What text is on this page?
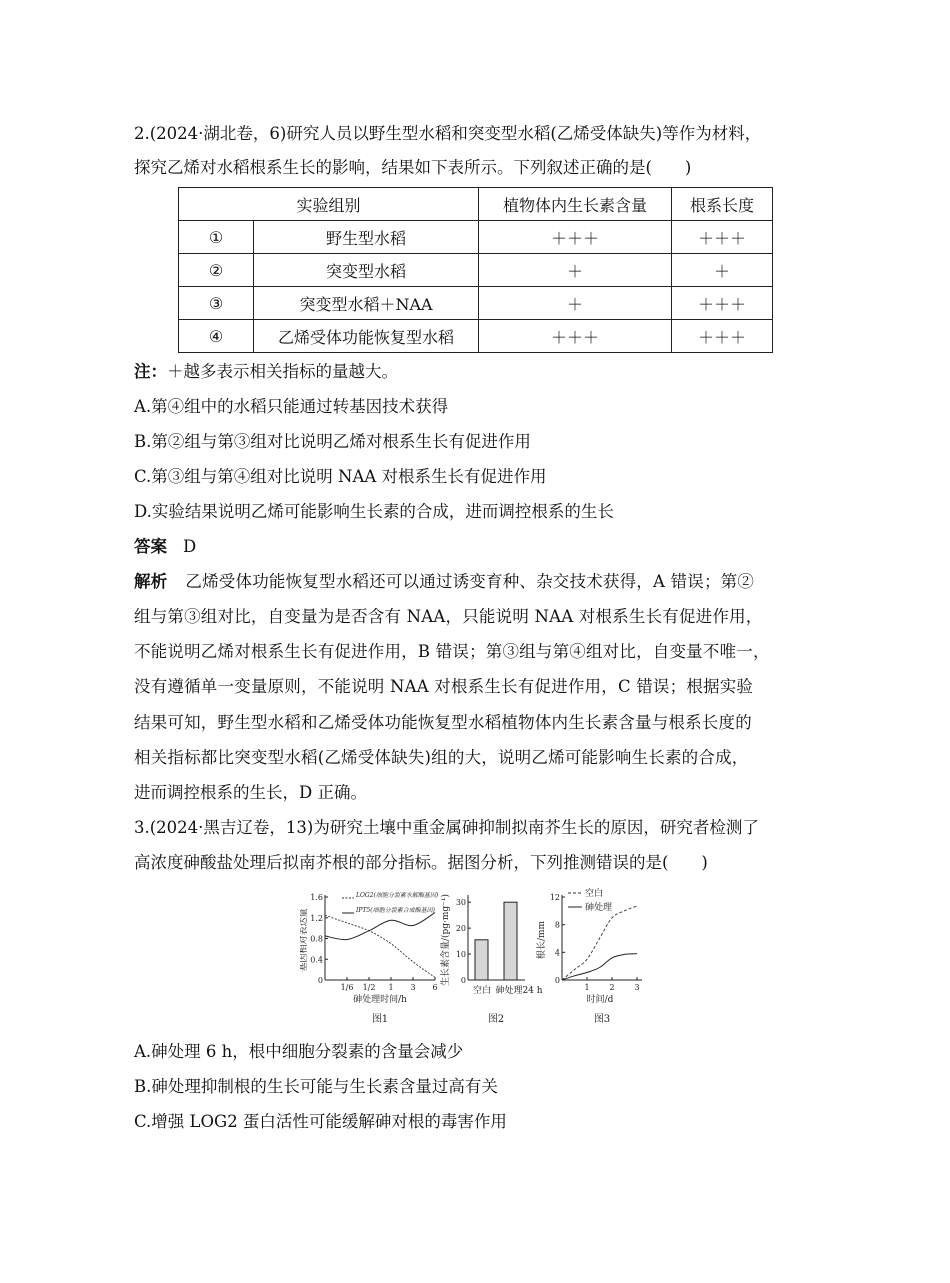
2.(2024·湖北卷，6)研究人员以野生型水稻和突变型水稻(乙烯受体缺失)等作为材料，
探究乙烯对水稻根系生长的影响，结果如下表所示。下列叙述正确的是(　　)
实验组别		植物体内生长素含量	根系长度
①	野生型水稻	＋＋＋	＋＋＋
②	突变型水稻	＋	＋
③	突变型水稻＋NAA	＋	＋＋＋
④	乙烯受体功能恢复型水稻	＋＋＋	＋＋＋
注：＋越多表示相关指标的量越大。
A.第④组中的水稻只能通过转基因技术获得
B.第②组与第③组对比说明乙烯对根系生长有促进作用
C.第③组与第④组对比说明 NAA 对根系生长有促进作用
D.实验结果说明乙烯可能影响生长素的合成，进而调控根系的生长
答案 D
解析 乙烯受体功能恢复型水稻还可以通过诱变育种、杂交技术获得，A 错误；第②
组与第③组对比，自变量为是否含有 NAA，只能说明 NAA 对根系生长有促进作用，
不能说明乙烯对根系生长有促进作用，B 错误；第③组与第④组对比，自变量不唯一，
没有遵循单一变量原则，不能说明 NAA 对根系生长有促进作用，C 错误；根据实验
结果可知，野生型水稻和乙烯受体功能恢复型水稻植物体内生长素含量与根系长度的
相关指标都比突变型水稻(乙烯受体缺失)组的大，说明乙烯可能影响生长素的合成，
进而调控根系的生长，D 正确。
3.(2024·黑吉辽卷，13)为研究土壤中重金属砷抑制拟南芥生长的原因，研究者检测了
高浓度砷酸盐处理后拟南芥根的部分指标。据图分析，下列推测错误的是(　　)
基因相对表达量
0
0.4
0.8
1.2
1.6
1/6 1/2 1 3 6
LOG2(细胞分裂素水解酶基因)
IPT5(细胞分裂素合成酶基因)
砷处理时间/h
图1
生长素含量/(pg·mg⁻¹) 0
10
20
30
空白 砷处理24 h
图2
根长/mm
0
4
8
12
1 2 3
空白
砷处理
时间/d
图3
A.砷处理 6 h，根中细胞分裂素的含量会减少
B.砷处理抑制根的生长可能与生长素含量过高有关
C.增强 LOG2 蛋白活性可能缓解砷对根的毒害作用
